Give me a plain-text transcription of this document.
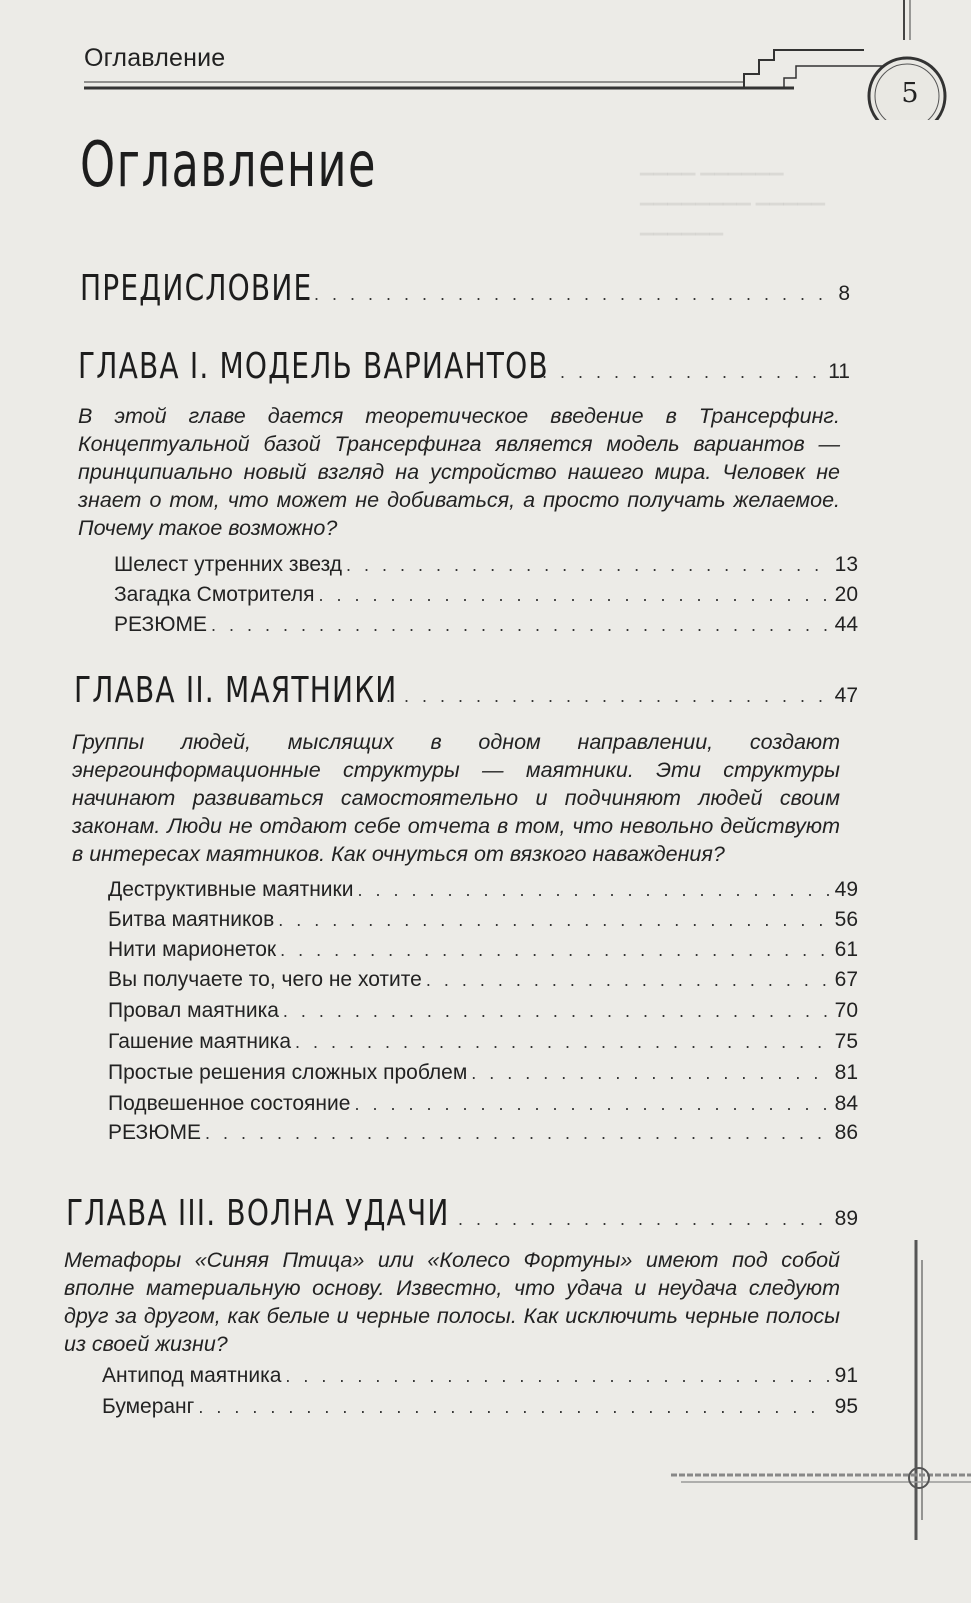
▁▁▁▁ ▁▁▁▁▁▁
▁▁▁▁▁▁▁▁ ▁▁▁▁▁
▁▁▁▁▁▁
Оглавление
5
Оглавление
ПРЕДИСЛОВИЕ . . .	8
ГЛАВА I. МОДЕЛЬ ВАРИАНТОВ . . .	11
В этой главе дается теоретическое введение в Трансерфинг. Концептуальной базой Трансерфинга является модель вариантов — принципиально новый взгляд на устройство нашего мира. Человек не знает о том, что может не добиваться, а просто получать желаемое. Почему такое возможно?
Шелест утренних звезд . . .	13
Загадка Смотрителя . . .	20
РЕЗЮМЕ . . .	44
ГЛАВА II. МАЯТНИКИ . . .	47
Группы людей, мыслящих в одном направлении, создают энергоинформационные структуры — маятники. Эти структуры начинают развиваться самостоятельно и подчиняют людей своим законам. Люди не отдают себе отчета в том, что невольно действуют в интересах маятников. Как очнуться от вязкого наваждения?
Деструктивные маятники . . .	49
Битва маятников . . .	56
Нити марионеток . . .	61
Вы получаете то, чего не хотите . . .	67
Провал маятника . . .	70
Гашение маятника . . .	75
Простые решения сложных проблем . . .	81
Подвешенное состояние . . .	84
РЕЗЮМЕ . . .	86
ГЛАВА III. ВОЛНА УДАЧИ . . .	89
Метафоры «Синяя Птица» или «Колесо Фортуны» имеют под собой вполне материальную основу. Известно, что удача и неудача следуют друг за другом, как белые и черные полосы. Как исключить черные полосы из своей жизни?
Антипод маятника . . .	91
Бумеранг . . .	95
